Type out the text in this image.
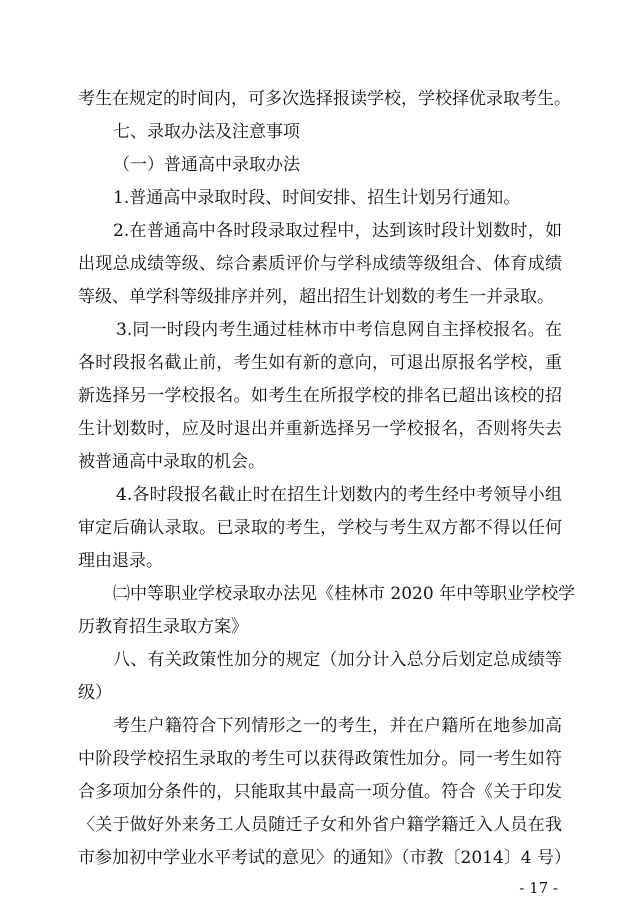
考生在规定的时间内，可多次选择报读学校，学校择优录取考生。
七、录取办法及注意事项
（一）普通高中录取办法
1.普通高中录取时段、时间安排、招生计划另行通知。
2.在普通高中各时段录取过程中，达到该时段计划数时，如
出现总成绩等级、综合素质评价与学科成绩等级组合、体育成绩
等级、单学科等级排序并列，超出招生计划数的考生一并录取。
3.同一时段内考生通过桂林市中考信息网自主择校报名。在
各时段报名截止前，考生如有新的意向，可退出原报名学校，重
新选择另一学校报名。如考生在所报学校的排名已超出该校的招
生计划数时，应及时退出并重新选择另一学校报名，否则将失去
被普通高中录取的机会。
4.各时段报名截止时在招生计划数内的考生经中考领导小组
审定后确认录取。已录取的考生，学校与考生双方都不得以任何
理由退录。
㈡中等职业学校录取办法见《桂林市 2020 年中等职业学校学
历教育招生录取方案》
八、有关政策性加分的规定（加分计入总分后划定总成绩等
级）
考生户籍符合下列情形之一的考生，并在户籍所在地参加高
中阶段学校招生录取的考生可以获得政策性加分。同一考生如符
合多项加分条件的，只能取其中最高一项分值。符合《关于印发
〈关于做好外来务工人员随迁子女和外省户籍学籍迁入人员在我
市参加初中学业水平考试的意见〉的通知》（市教〔2014〕4 号）
- 17 -
